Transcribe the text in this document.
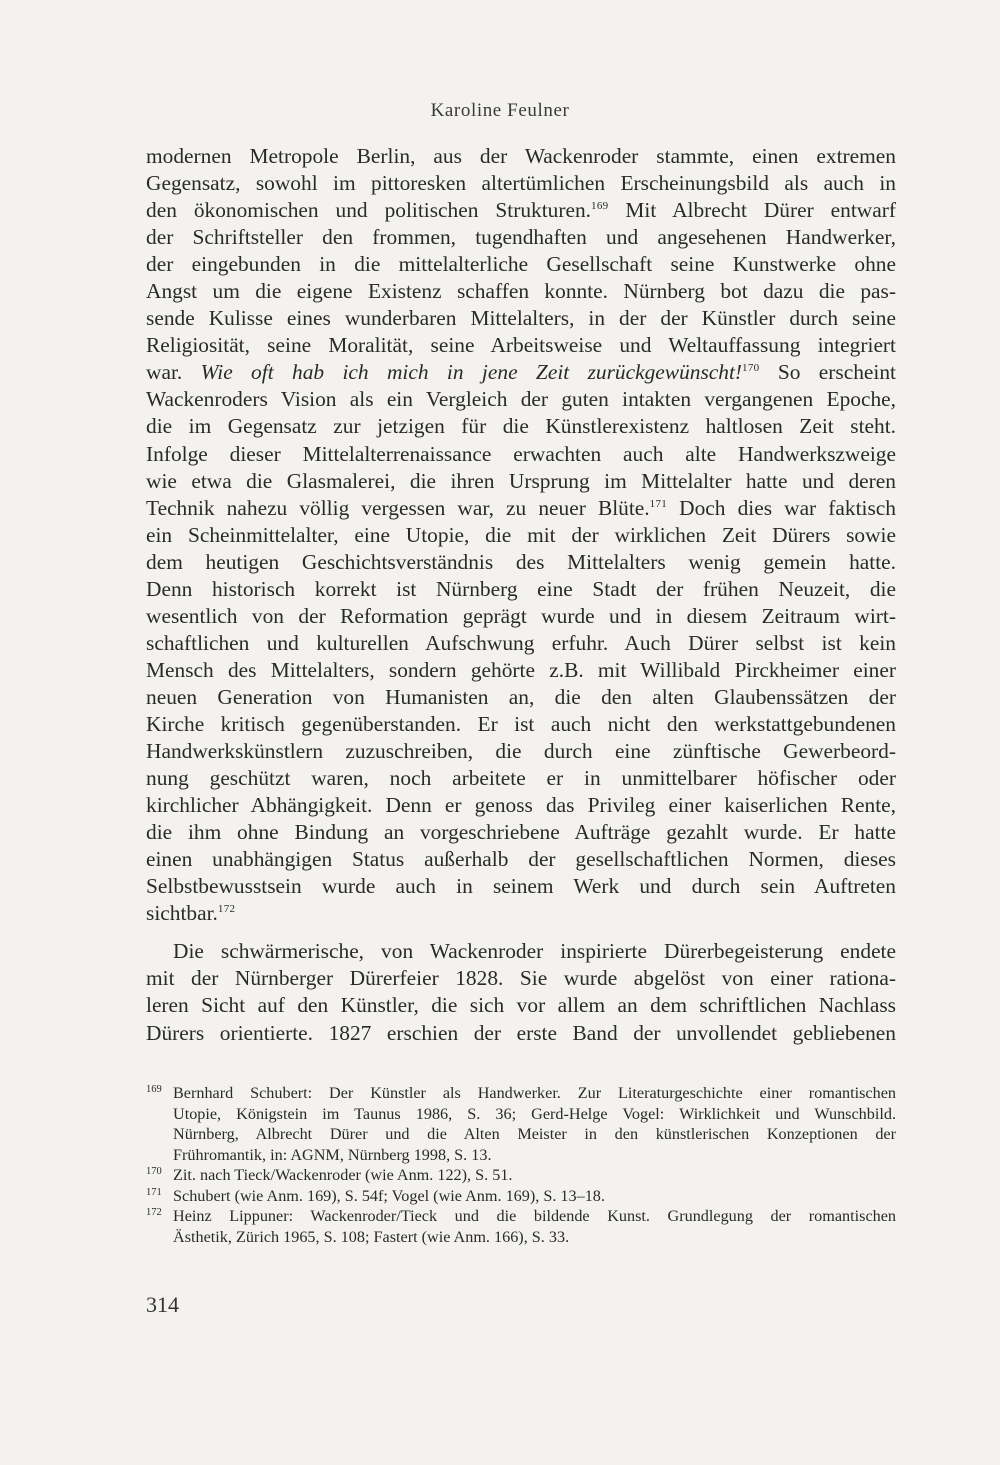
Karoline Feulner
modernen Metropole Berlin, aus der Wackenroder stammte, einen extremen
Gegensatz, sowohl im pittoresken altertümlichen Erscheinungsbild als auch in
den ökonomischen und politischen Strukturen.$^{169}$ Mit Albrecht Dürer entwarf
der Schriftsteller den frommen, tugendhaften und angesehenen Handwerker,
der eingebunden in die mittelalterliche Gesellschaft seine Kunstwerke ohne
Angst um die eigene Existenz schaffen konnte. Nürnberg bot dazu die pas-
sende Kulisse eines wunderbaren Mittelalters, in der der Künstler durch seine
Religiosität, seine Moralität, seine Arbeitsweise und Weltauffassung integriert
war. Wie oft hab ich mich in jene Zeit zurückgewünscht!$^{170}$ So erscheint
Wackenroders Vision als ein Vergleich der guten intakten vergangenen Epoche,
die im Gegensatz zur jetzigen für die Künstlerexistenz haltlosen Zeit steht.
Infolge dieser Mittelalterrenaissance erwachten auch alte Handwerkszweige
wie etwa die Glasmalerei, die ihren Ursprung im Mittelalter hatte und deren
Technik nahezu völlig vergessen war, zu neuer Blüte.$^{171}$ Doch dies war faktisch
ein Scheinmittelalter, eine Utopie, die mit der wirklichen Zeit Dürers sowie
dem heutigen Geschichtsverständnis des Mittelalters wenig gemein hatte.
Denn historisch korrekt ist Nürnberg eine Stadt der frühen Neuzeit, die
wesentlich von der Reformation geprägt wurde und in diesem Zeitraum wirt-
schaftlichen und kulturellen Aufschwung erfuhr. Auch Dürer selbst ist kein
Mensch des Mittelalters, sondern gehörte z.B. mit Willibald Pirckheimer einer
neuen Generation von Humanisten an, die den alten Glaubenssätzen der
Kirche kritisch gegenüberstanden. Er ist auch nicht den werkstattgebundenen
Handwerkskünstlern zuzuschreiben, die durch eine zünftische Gewerbeord-
nung geschützt waren, noch arbeitete er in unmittelbarer höfischer oder
kirchlicher Abhängigkeit. Denn er genoss das Privileg einer kaiserlichen Rente,
die ihm ohne Bindung an vorgeschriebene Aufträge gezahlt wurde. Er hatte
einen unabhängigen Status außerhalb der gesellschaftlichen Normen, dieses
Selbstbewusstsein wurde auch in seinem Werk und durch sein Auftreten
sichtbar.$^{172}$
Die schwärmerische, von Wackenroder inspirierte Dürerbegeisterung endete
mit der Nürnberger Dürerfeier 1828. Sie wurde abgelöst von einer rationa-
leren Sicht auf den Künstler, die sich vor allem an dem schriftlichen Nachlass
Dürers orientierte. 1827 erschien der erste Band der unvollendet gebliebenen
169 Bernhard Schubert: Der Künstler als Handwerker. Zur Literaturgeschichte einer romantischen
Utopie, Königstein im Taunus 1986, S. 36; Gerd-Helge Vogel: Wirklichkeit und Wunschbild.
Nürnberg, Albrecht Dürer und die Alten Meister in den künstlerischen Konzeptionen der
Frühromantik, in: AGNM, Nürnberg 1998, S. 13.
170 Zit. nach Tieck/Wackenroder (wie Anm. 122), S. 51.
171 Schubert (wie Anm. 169), S. 54f; Vogel (wie Anm. 169), S. 13–18.
172 Heinz Lippuner: Wackenroder/Tieck und die bildende Kunst. Grundlegung der romantischen
Ästhetik, Zürich 1965, S. 108; Fastert (wie Anm. 166), S. 33.
314
